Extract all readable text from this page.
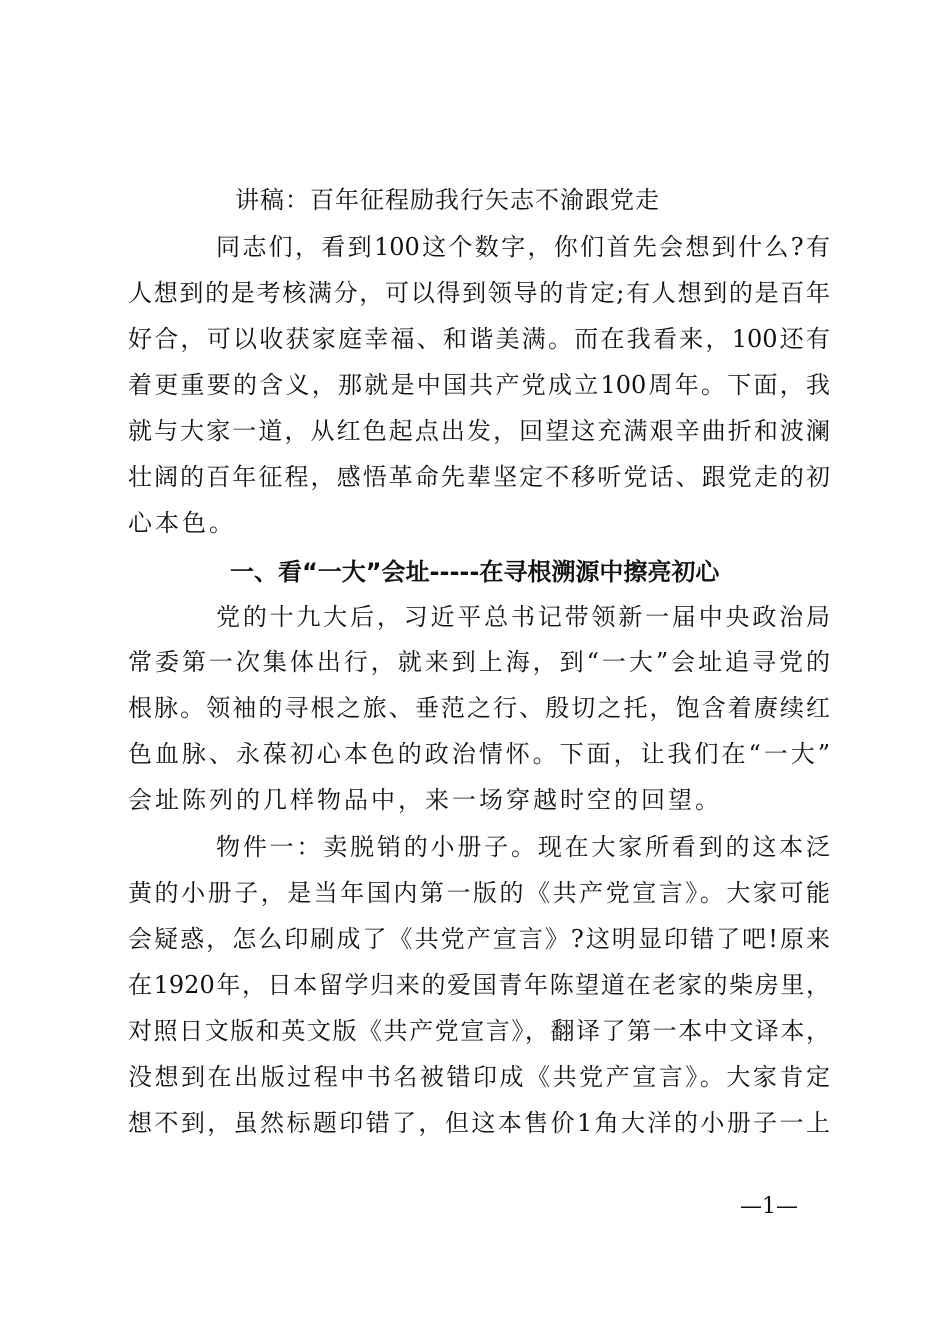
讲稿：百年征程励我行矢志不渝跟党走
同志们，看到100这个数字，你们首先会想到什么?有
人想到的是考核满分，可以得到领导的肯定;有人想到的是百年
好合，可以收获家庭幸福、和谐美满。而在我看来，100还有
着更重要的含义，那就是中国共产党成立100周年。下面，我
就与大家一道，从红色起点出发，回望这充满艰辛曲折和波澜
壮阔的百年征程，感悟革命先辈坚定不移听党话、跟党走的初
心本色。
一、看“一大”会址-----在寻根溯源中擦亮初心
党的十九大后，习近平总书记带领新一届中央政治局
常委第一次集体出行，就来到上海，到“一大”会址追寻党的
根脉。领袖的寻根之旅、垂范之行、殷切之托，饱含着赓续红
色血脉、永葆初心本色的政治情怀。下面，让我们在“一大”
会址陈列的几样物品中，来一场穿越时空的回望。
物件一：卖脱销的小册子。现在大家所看到的这本泛
黄的小册子，是当年国内第一版的《共产党宣言》。大家可能
会疑惑，怎么印刷成了《共党产宣言》?这明显印错了吧!原来
在1920年，日本留学归来的爱国青年陈望道在老家的柴房里，
对照日文版和英文版《共产党宣言》，翻译了第一本中文译本，
没想到在出版过程中书名被错印成《共党产宣言》。大家肯定
想不到，虽然标题印错了，但这本售价1角大洋的小册子一上
—1—
